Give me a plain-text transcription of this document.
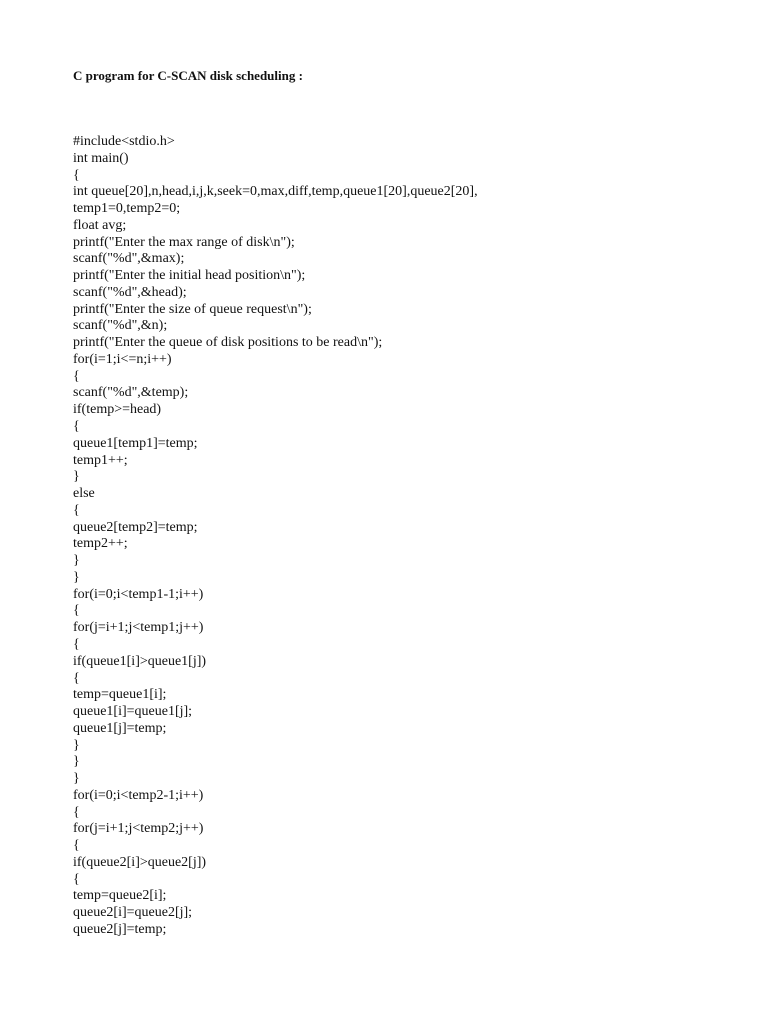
C program for C-SCAN disk scheduling :
#include<stdio.h>
int main()
{
int queue[20],n,head,i,j,k,seek=0,max,diff,temp,queue1[20],queue2[20],
temp1=0,temp2=0;
float avg;
printf("Enter the max range of disk\n");
scanf("%d",&max);
printf("Enter the initial head position\n");
scanf("%d",&head);
printf("Enter the size of queue request\n");
scanf("%d",&n);
printf("Enter the queue of disk positions to be read\n");
for(i=1;i<=n;i++)
{
scanf("%d",&temp);
if(temp>=head)
{
queue1[temp1]=temp;
temp1++;
}
else
{
queue2[temp2]=temp;
temp2++;
}
}
for(i=0;i<temp1-1;i++)
{
for(j=i+1;j<temp1;j++)
{
if(queue1[i]>queue1[j])
{
temp=queue1[i];
queue1[i]=queue1[j];
queue1[j]=temp;
}
}
}
for(i=0;i<temp2-1;i++)
{
for(j=i+1;j<temp2;j++)
{
if(queue2[i]>queue2[j])
{
temp=queue2[i];
queue2[i]=queue2[j];
queue2[j]=temp;
